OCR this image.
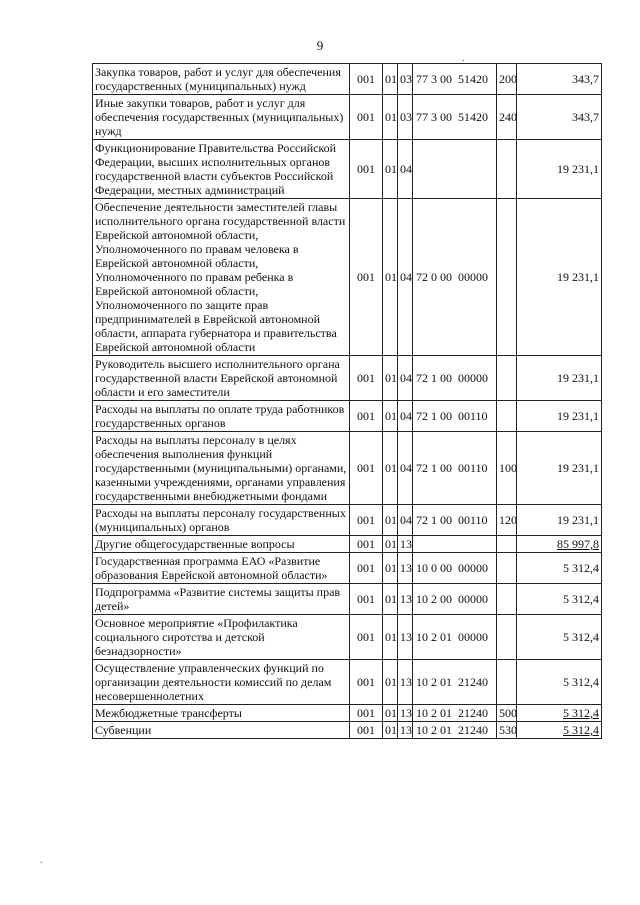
9
.
.
Закупка товаров, работ и услуг для обеспечения государственных (муниципальных) нужд	001	01	03	77 3 00  51420	200	343,7
Иные закупки товаров, работ и услуг для обеспечения государственных (муниципальных) нужд	001	01	03	77 3 00  51420	240	343,7
Функционирование Правительства Российской Федерации, высших исполнительных органов государственной власти субъектов Российской Федерации, местных администраций	001	01	04			19 231,1
Обеспечение деятельности заместителей главы исполнительного органа государственной власти Еврейской автономной области, Уполномоченного по правам человека в Еврейской автономной области, Уполномоченного по правам ребенка в Еврейской автономной области, Уполномоченного по защите прав предпринимателей в Еврейской автономной области, аппарата губернатора и правительства Еврейской автономной области	001	01	04	72 0 00  00000		19 231,1
Руководитель высшего исполнительного органа государственной власти Еврейской автономной области и его заместители	001	01	04	72 1 00  00000		19 231,1
Расходы на выплаты по оплате труда работников государственных органов	001	01	04	72 1 00  00110		19 231,1
Расходы на выплаты персоналу в целях обеспечения выполнения функций государственными (муниципальными) органами, казенными учреждениями, органами управления государственными внебюджетными фондами	001	01	04	72 1 00  00110	100	19 231,1
Расходы на выплаты персоналу государственных (муниципальных) органов	001	01	04	72 1 00  00110	120	19 231,1
Другие общегосударственные вопросы	001	01	13			85 997,8
Государственная программа ЕАО «Развитие образования Еврейской автономной области»	001	01	13	10 0 00  00000		5 312,4
Подпрограмма «Развитие системы защиты прав детей»	001	01	13	10 2 00  00000		5 312,4
Основное мероприятие «Профилактика социального сиротства и детской безнадзорности»	001	01	13	10 2 01  00000		5 312,4
Осуществление управленческих функций по организации деятельности комиссий по делам несовершеннолетних	001	01	13	10 2 01  21240		5 312,4
Межбюджетные трансферты	001	01	13	10 2 01  21240	500	5 312,4
Субвенции	001	01	13	10 2 01  21240	530	5 312,4
